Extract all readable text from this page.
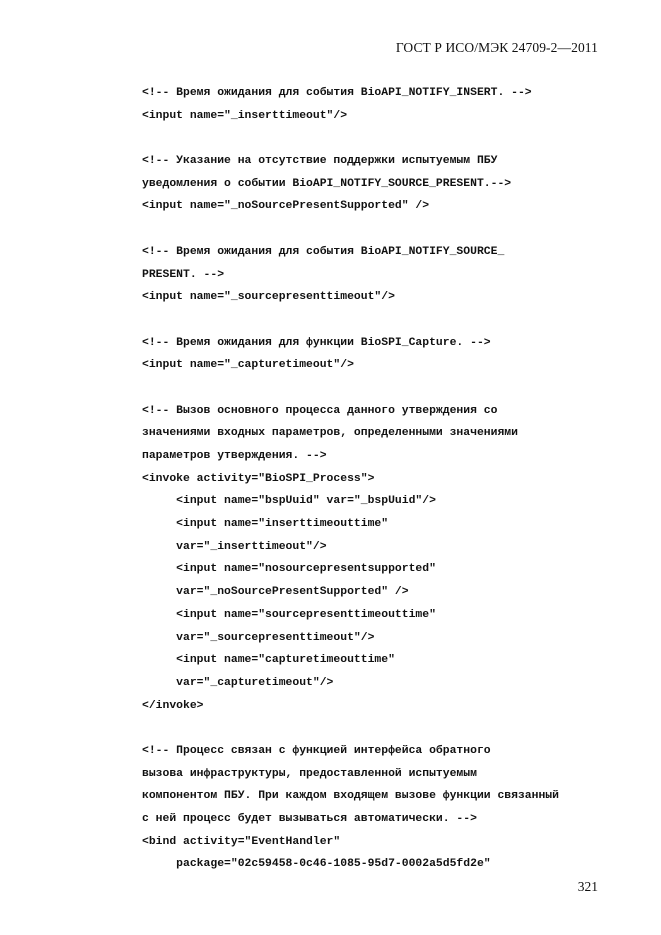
ГОСТ Р ИСО/МЭК 24709-2—2011
<!-- Время ожидания для события BioAPI_NOTIFY_INSERT. -->
<input name="_inserttimeout"/>
<!-- Указание на отсутствие поддержки испытуемым ПБУ
уведомления о событии BioAPI_NOTIFY_SOURCE_PRESENT.-->
<input name="_noSourcePresentSupported" />
<!-- Время ожидания для события BioAPI_NOTIFY_SOURCE_
PRESENT. -->
<input name="_sourcepresenttimeout"/>
<!-- Время ожидания для функции BioSPI_Capture. -->
<input name="_capturetimeout"/>
<!-- Вызов основного процесса данного утверждения со
значениями входных параметров, определенными значениями
параметров утверждения. -->
<invoke activity="BioSPI_Process">
<input name="bspUuid" var="_bspUuid"/>
<input name="inserttimeouttime"
var="_inserttimeout"/>
<input name="nosourcepresentsupported"
var="_noSourcePresentSupported" />
<input name="sourcepresenttimeouttime"
var="_sourcepresenttimeout"/>
<input name="capturetimeouttime"
var="_capturetimeout"/>
</invoke>
<!-- Процесс связан с функцией интерфейса обратного
вызова инфраструктуры, предоставленной испытуемым
компонентом ПБУ. При каждом входящем вызове функции связанный
с ней процесс будет вызываться автоматически. -->
<bind activity="EventHandler"
package="02c59458-0c46-1085-95d7-0002a5d5fd2e"
321
